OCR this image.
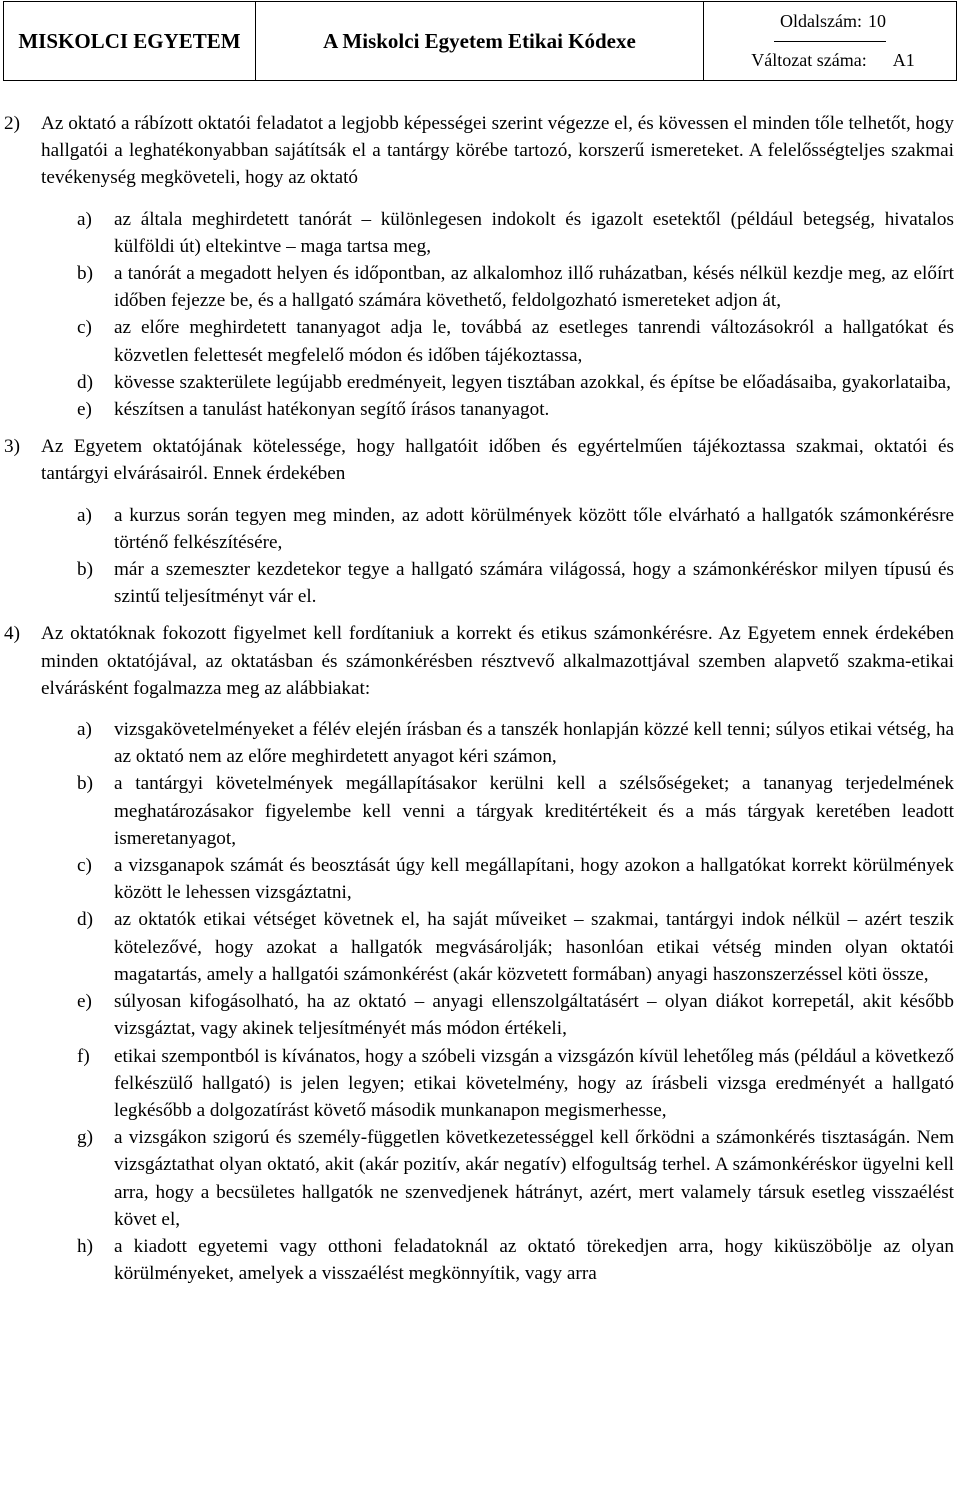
MISKOLCI EGYETEM	A Miskolci Egyetem Etikai Kódexe
Oldalszám: 10
Változat száma: A1
2) Az oktató a rábízott oktatói feladatot a legjobb képességei szerint végezze el, és kövessen el minden tőle telhetőt, hogy hallgatói a leghatékonyabban sajátítsák el a tantárgy körébe tartozó, korszerű ismereteket. A felelősségteljes szakmai tevékenység megköveteli, hogy az oktató
a) az általa meghirdetett tanórát – különlegesen indokolt és igazolt esetektől (például betegség, hivatalos külföldi út) eltekintve – maga tartsa meg,
b) a tanórát a megadott helyen és időpontban, az alkalomhoz illő ruházatban, késés nélkül kezdje meg, az előírt időben fejezze be, és a hallgató számára követhető, feldolgozható ismereteket adjon át,
c) az előre meghirdetett tananyagot adja le, továbbá az esetleges tanrendi változásokról a hallgatókat és közvetlen felettesét megfelelő módon és időben tájékoztassa,
d) kövesse szakterülete legújabb eredményeit, legyen tisztában azokkal, és építse be előadásaiba, gyakorlataiba,
e) készítsen a tanulást hatékonyan segítő írásos tananyagot.
3) Az Egyetem oktatójának kötelessége, hogy hallgatóit időben és egyértelműen tájékoztassa szakmai, oktatói és tantárgyi elvárásairól. Ennek érdekében
a) a kurzus során tegyen meg minden, az adott körülmények között tőle elvárható a hallgatók számonkérésre történő felkészítésére,
b) már a szemeszter kezdetekor tegye a hallgató számára világossá, hogy a számonkéréskor milyen típusú és szintű teljesítményt vár el.
4) Az oktatóknak fokozott figyelmet kell fordítaniuk a korrekt és etikus számonkérésre. Az Egyetem ennek érdekében minden oktatójával, az oktatásban és számonkérésben résztvevő alkalmazottjával szemben alapvető szakma-etikai elvárásként fogalmazza meg az alábbiakat:
a) vizsgakövetelményeket a félév elején írásban és a tanszék honlapján közzé kell tenni; súlyos etikai vétség, ha az oktató nem az előre meghirdetett anyagot kéri számon,
b) a tantárgyi követelmények megállapításakor kerülni kell a szélsőségeket; a tananyag terjedelmének meghatározásakor figyelembe kell venni a tárgyak kreditértékeit és a más tárgyak keretében leadott ismeretanyagot,
c) a vizsganapok számát és beosztását úgy kell megállapítani, hogy azokon a hallgatókat korrekt körülmények között le lehessen vizsgáztatni,
d) az oktatók etikai vétséget követnek el, ha saját műveiket – szakmai, tantárgyi indok nélkül – azért teszik kötelezővé, hogy azokat a hallgatók megvásárolják; hasonlóan etikai vétség minden olyan oktatói magatartás, amely a hallgatói számonkérést (akár közvetett formában) anyagi haszonszerzéssel köti össze,
e) súlyosan kifogásolható, ha az oktató – anyagi ellenszolgáltatásért – olyan diákot korrepetál, akit később vizsgáztat, vagy akinek teljesítményét más módon értékeli,
f) etikai szempontból is kívánatos, hogy a szóbeli vizsgán a vizsgázón kívül lehetőleg más (például a következő felkészülő hallgató) is jelen legyen; etikai követelmény, hogy az írásbeli vizsga eredményét a hallgató legkésőbb a dolgozatírást követő második munkanapon megismerhesse,
g) a vizsgákon szigorú és személy-független következetességgel kell őrködni a számonkérés tisztaságán. Nem vizsgáztathat olyan oktató, akit (akár pozitív, akár negatív) elfogultság terhel. A számonkéréskor ügyelni kell arra, hogy a becsületes hallgatók ne szenvedjenek hátrányt, azért, mert valamely társuk esetleg visszaélést követ el,
h) a kiadott egyetemi vagy otthoni feladatoknál az oktató törekedjen arra, hogy kiküszöbölje az olyan körülményeket, amelyek a visszaélést megkönnyítik, vagy arra
